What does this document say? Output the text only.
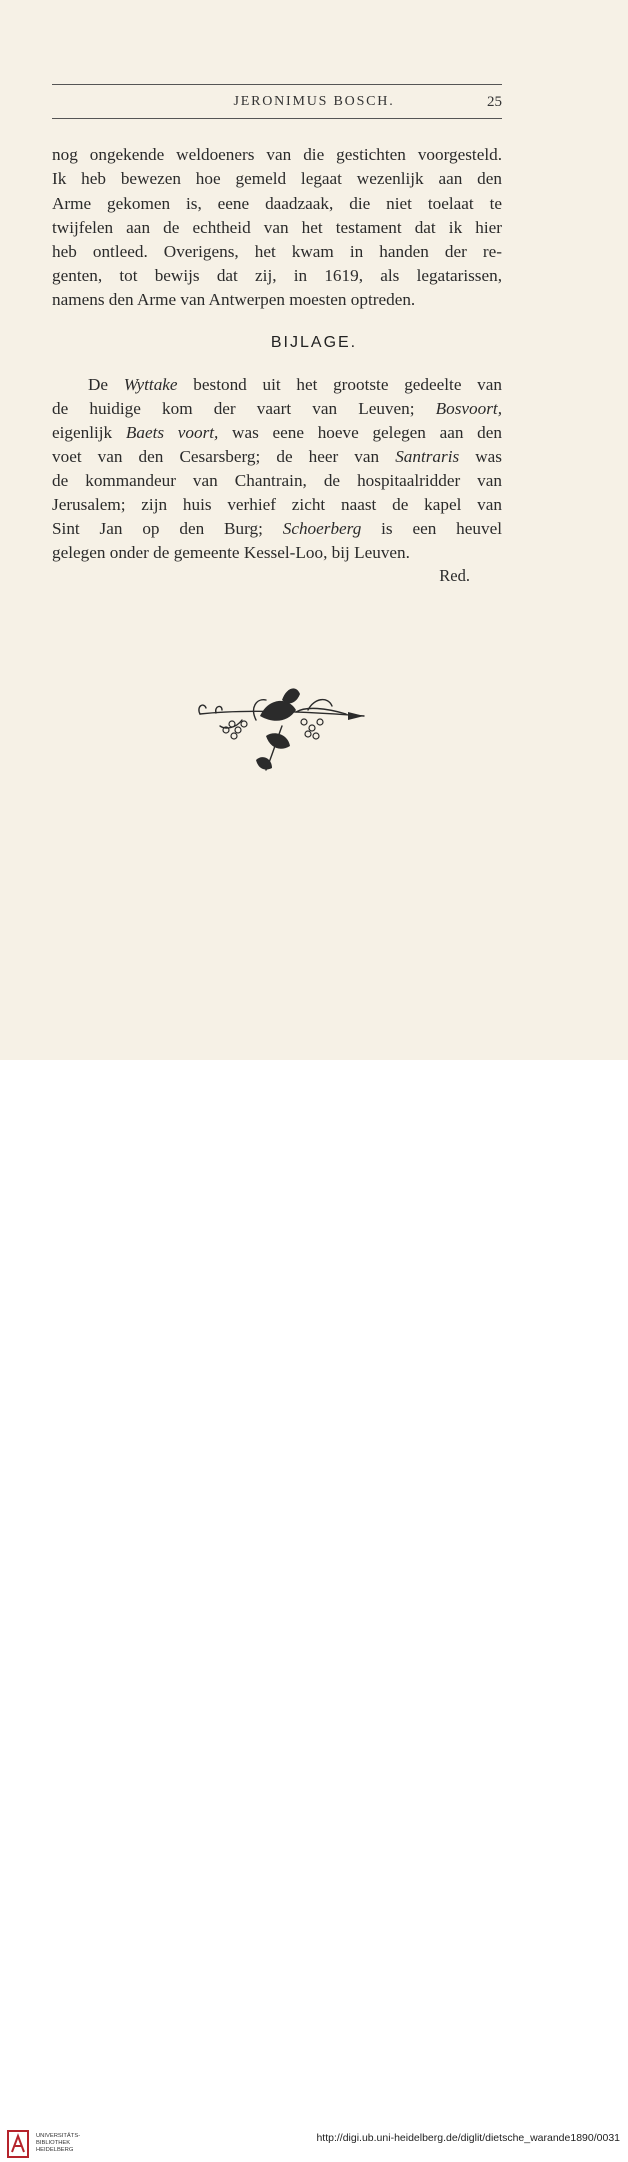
JERONIMUS BOSCH.	25

nog ongekende weldoeners van die gestichten voorgesteld.

Ik heb bewezen hoe gemeld legaat wezenlijk aan den

Arme gekomen is, eene daadzaak, die niet toelaat te

twijfelen aan de echtheid van het testament dat ik hier

heb ontleed. Overigens, het kwam in handen der re-

genten, tot bewijs dat zij, in 1619, als legatarissen,

namens den Arme van Antwerpen moesten optreden.

BIJLAGE.

De Wyttake bestond uit het grootste gedeelte van

de huidige kom der vaart van Leuven; Bosvoort,

eigenlijk Baets voort, was eene hoeve gelegen aan den

voet van den Cesarsberg; de heer van Santraris was

de kommandeur van Chantrain, de hospitaalridder van

Jerusalem; zijn huis verhief zicht naast de kapel van

Sint Jan op den Burg; Schoerberg is een heuvel

gelegen onder de gemeente Kessel-Loo, bij Leuven.

Red.
UNIVERSITÄTS-
BIBLIOTHEK
HEIDELBERG
http://digi.ub.uni-heidelberg.de/diglit/dietsche_warande1890/0031
